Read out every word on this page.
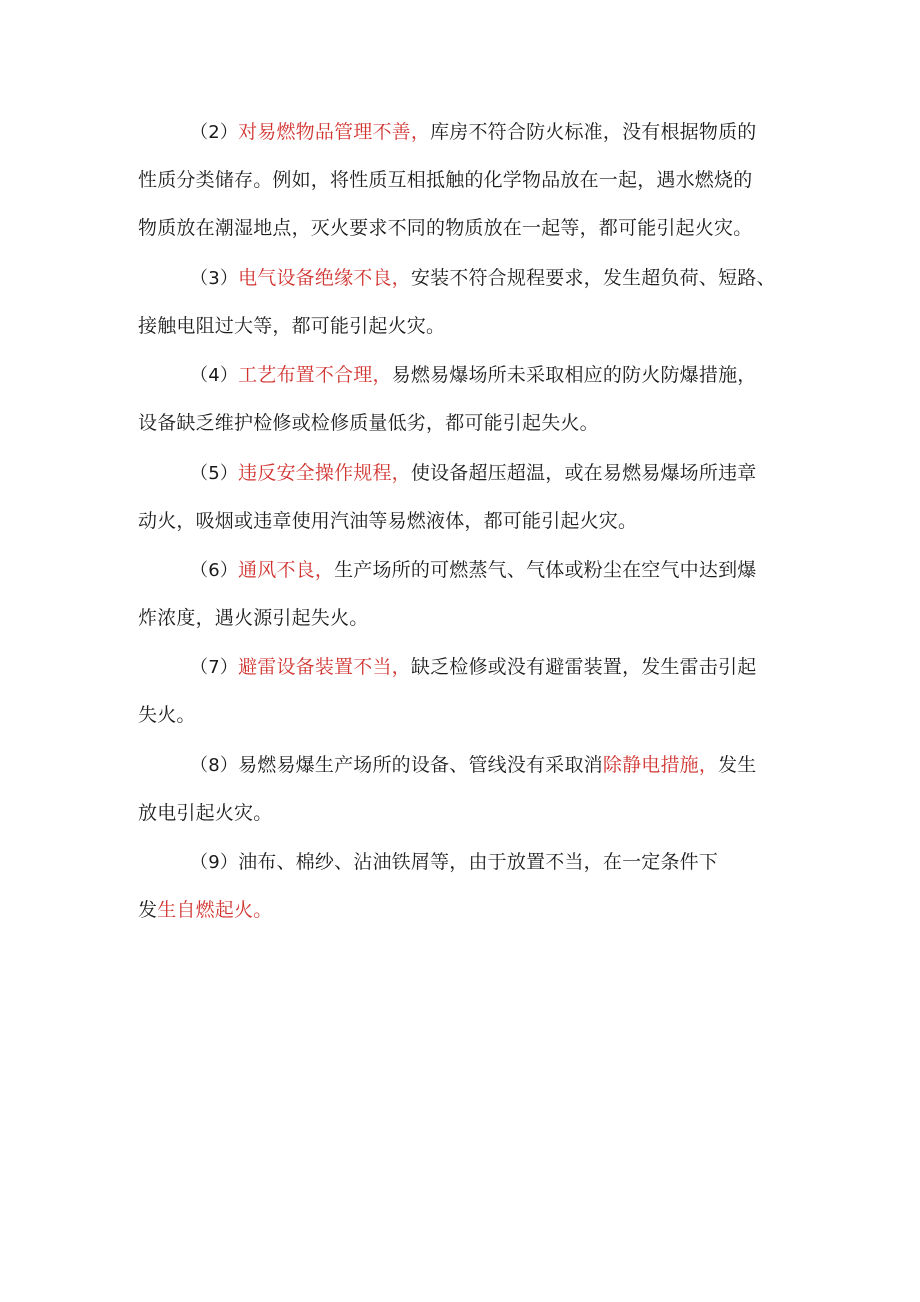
（2）对易燃物品管理不善，库房不符合防火标准，没有根据物质的
性质分类储存。例如，将性质互相抵触的化学物品放在一起，遇水燃烧的
物质放在潮湿地点，灭火要求不同的物质放在一起等，都可能引起火灾。
（3）电气设备绝缘不良，安装不符合规程要求，发生超负荷、短路、
接触电阻过大等，都可能引起火灾。
（4）工艺布置不合理，易燃易爆场所未采取相应的防火防爆措施，
设备缺乏维护检修或检修质量低劣，都可能引起失火。
（5）违反安全操作规程，使设备超压超温，或在易燃易爆场所违章
动火，吸烟或违章使用汽油等易燃液体，都可能引起火灾。
（6）通风不良，生产场所的可燃蒸气、气体或粉尘在空气中达到爆
炸浓度，遇火源引起失火。
（7）避雷设备装置不当，缺乏检修或没有避雷装置，发生雷击引起
失火。
（8）易燃易爆生产场所的设备、管线没有采取消除静电措施，发生
放电引起火灾。
（9）油布、棉纱、沾油铁屑等，由于放置不当，在一定条件下
发生自燃起火。
